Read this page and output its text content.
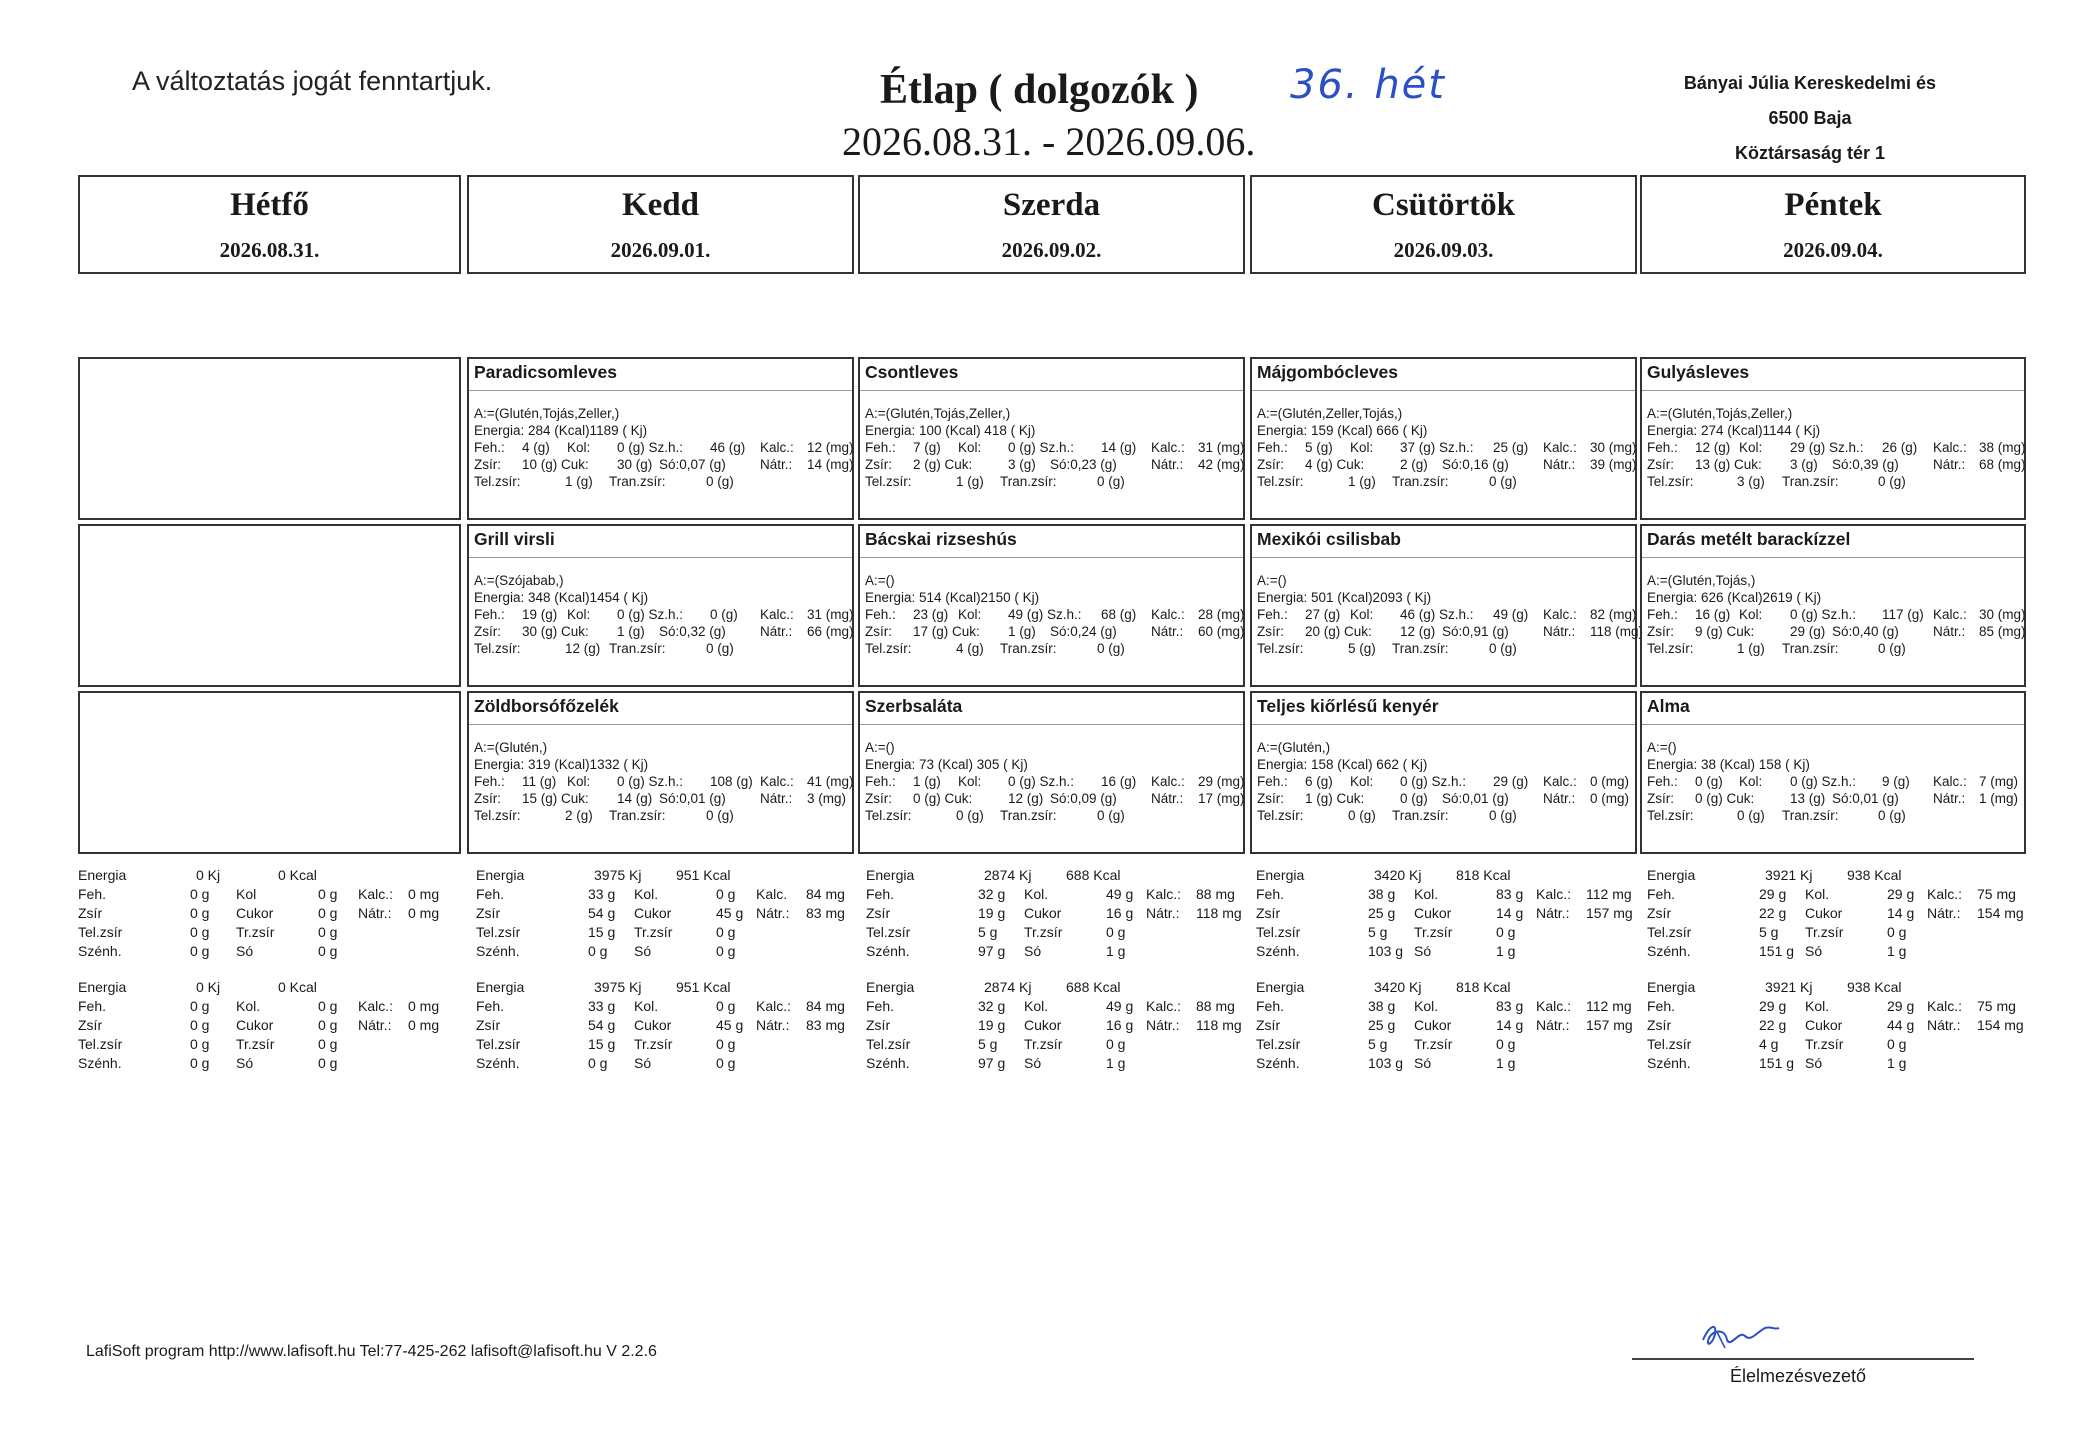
A változtatás jogát fenntartjuk.	Étlap ( dolgozók ) 36. hét
2026.08.31. - 2026.09.06.
Bányai Júlia Kereskedelmi és
6500 Baja
Köztársaság tér 1
Hétfő
2026.08.31.
Kedd
2026.09.01.
Szerda
2026.09.02.
Csütörtök
2026.09.03.
Péntek
2026.09.04.
Paradicsomleves
A:=(Glutén,Tojás,Zeller,)
Energia: 284 (Kcal)1189 ( Kj)
Feh.: 4 (g) Kol: 0 (g) Sz.h.: 46 (g) Kalc.: 12 (mg)
Zsír: 10 (g) Cuk: 30 (g) Só:0,07 (g)	Nátr.: 14 (mg)
Tel.zsír:	1 (g) Tran.zsír:	0 (g)
Grill virsli
A:=(Szójabab,)
Energia: 348 (Kcal)1454 ( Kj)
Feh.: 19 (g) Kol: 0 (g) Sz.h.: 0 (g) Kalc.: 31 (mg)
Zsír: 30 (g) Cuk: 1 (g) Só:0,32 (g)	Nátr.: 66 (mg)
Tel.zsír:	12 (g) Tran.zsír:	0 (g)
Zöldborsófőzelék
A:=(Glutén,)
Energia: 319 (Kcal)1332 ( Kj)
Feh.: 11 (g) Kol: 0 (g) Sz.h.: 108 (g) Kalc.: 41 (mg)
Zsír: 15 (g) Cuk: 14 (g) Só:0,01 (g)	Nátr.: 3 (mg)
Tel.zsír:	2 (g) Tran.zsír:	0 (g)
Csontleves
A:=(Glutén,Tojás,Zeller,)
Energia: 100 (Kcal) 418 ( Kj)
Feh.: 7 (g) Kol: 0 (g) Sz.h.: 14 (g) Kalc.: 31 (mg)
Zsír: 2 (g) Cuk:	3 (g) Só:0,23 (g)	Nátr.: 42 (mg)
Tel.zsír:	1 (g) Tran.zsír:	0 (g)
Bácskai rizseshús
A:=()
Energia: 514 (Kcal)2150 ( Kj)
Feh.: 23 (g) Kol: 49 (g) Sz.h.: 68 (g) Kalc.: 28 (mg)
Zsír: 17 (g) Cuk: 1 (g) Só:0,24 (g)	Nátr.: 60 (mg)
Tel.zsír:	4 (g) Tran.zsír:	0 (g)
Szerbsaláta
A:=()
Energia: 73 (Kcal) 305 ( Kj)
Feh.: 1 (g) Kol: 0 (g) Sz.h.: 16 (g) Kalc.: 29 (mg)
Zsír: 0 (g) Cuk:	12 (g) Só:0,09 (g)	Nátr.: 17 (mg)
Tel.zsír:	0 (g) Tran.zsír:	0 (g)
Májgombócleves
A:=(Glutén,Zeller,Tojás,)
Energia: 159 (Kcal) 666 ( Kj)
Feh.: 5 (g) Kol: 37 (g) Sz.h.: 25 (g) Kalc.: 30 (mg)
Zsír: 4 (g) Cuk:	2 (g) Só:0,16 (g)	Nátr.: 39 (mg)
Tel.zsír:	1 (g) Tran.zsír:	0 (g)
Mexikói csilisbab
A:=()
Energia: 501 (Kcal)2093 ( Kj)
Feh.: 27 (g) Kol: 46 (g) Sz.h.: 49 (g) Kalc.: 82 (mg)
Zsír: 20 (g) Cuk: 12 (g) Só:0,91 (g)	Nátr.: 118 (mg)
Tel.zsír:	5 (g) Tran.zsír:	0 (g)
Teljes kiőrlésű kenyér
A:=(Glutén,)
Energia: 158 (Kcal) 662 ( Kj)
Feh.: 6 (g) Kol: 0 (g) Sz.h.: 29 (g) Kalc.: 0 (mg)
Zsír: 1 (g) Cuk:	0 (g) Só:0,01 (g)	Nátr.: 0 (mg)
Tel.zsír:	0 (g) Tran.zsír:	0 (g)
Gulyásleves
A:=(Glutén,Tojás,Zeller,)
Energia: 274 (Kcal)1144 ( Kj)
Feh.: 12 (g) Kol: 29 (g) Sz.h.: 26 (g) Kalc.: 38 (mg)
Zsír: 13 (g) Cuk: 3 (g) Só:0,39 (g)	Nátr.: 68 (mg)
Tel.zsír:	3 (g) Tran.zsír:	0 (g)
Darás metélt barackízzel
A:=(Glutén,Tojás,)
Energia: 626 (Kcal)2619 ( Kj)
Feh.: 16 (g) Kol: 0 (g) Sz.h.: 117 (g) Kalc.: 30 (mg)
Zsír: 9 (g) Cuk:	29 (g) Só:0,40 (g)	Nátr.: 85 (mg)
Tel.zsír:	1 (g) Tran.zsír:	0 (g)
Alma
A:=()
Energia: 38 (Kcal) 158 ( Kj)
Feh.: 0 (g) Kol: 0 (g) Sz.h.: 9 (g) Kalc.: 7 (mg)
Zsír: 0 (g) Cuk:	13 (g) Só:0,01 (g)	Nátr.: 1 (mg)
Tel.zsír:	0 (g) Tran.zsír:	0 (g)
Energia	0 Kj	0 Kcal
Feh.	0 g Kol	0 g Kalc.: 0 mg
Zsír	0 g Cukor	0 g Nátr.: 0 mg
Tel.zsír	0 g Tr.zsír	0 g
Szénh.	0 g Só	0 g
Energia	3975 Kj 951 Kcal
Feh.	33 g Kol.	0 g Kalc. 84 mg
Zsír	54 g Cukor	45 g Nátr.: 83 mg
Tel.zsír	15 g Tr.zsír	0 g
Szénh.	0 g Só	0 g
Energia	2874 Kj 688 Kcal
Feh.	32 g Kol.	49 g Kalc.: 88 mg
Zsír	19 g Cukor	16 g Nátr.: 118 mg
Tel.zsír	5 g Tr.zsír	0 g
Szénh.	97 g Só	1 g
Energia	3420 Kj 818 Kcal
Feh.	38 g Kol.	83 g Kalc.: 112 mg
Zsír	25 g Cukor	14 g Nátr.: 157 mg
Tel.zsír	5 g Tr.zsír	0 g
Szénh.	103 g Só	1 g
Energia	3921 Kj 938 Kcal
Feh.	29 g Kol.	29 g Kalc.: 75 mg
Zsír	22 g Cukor	14 g Nátr.: 154 mg
Tel.zsír	5 g Tr.zsír	0 g
Szénh.	151 g Só	1 g
Energia	0 Kj	0 Kcal
Feh.	0 g Kol.	0 g Kalc.: 0 mg
Zsír	0 g Cukor	0 g Nátr.: 0 mg
Tel.zsír	0 g Tr.zsír	0 g
Szénh.	0 g Só	0 g
Energia	3975 Kj 951 Kcal
Feh.	33 g Kol.	0 g Kalc.: 84 mg
Zsír	54 g Cukor	45 g Nátr.: 83 mg
Tel.zsír	15 g Tr.zsír	0 g
Szénh.	0 g Só	0 g
Energia	2874 Kj 688 Kcal
Feh.	32 g Kol.	49 g Kalc.: 88 mg
Zsír	19 g Cukor	16 g Nátr.: 118 mg
Tel.zsír	5 g Tr.zsír	0 g
Szénh.	97 g Só	1 g
Energia	3420 Kj 818 Kcal
Feh.	38 g Kol.	83 g Kalc.: 112 mg
Zsír	25 g Cukor	14 g Nátr.: 157 mg
Tel.zsír	5 g Tr.zsír	0 g
Szénh.	103 g Só	1 g
Energia	3921 Kj 938 Kcal
Feh.	29 g Kol.	29 g Kalc.: 75 mg
Zsír	22 g Cukor	44 g Nátr.: 154 mg
Tel.zsír	4 g Tr.zsír	0 g
Szénh.	151 g Só	1 g
LafiSoft program http://www.lafisoft.hu Tel:77-425-262 lafisoft@lafisoft.hu V 2.2.6
Élelmezésvezető
